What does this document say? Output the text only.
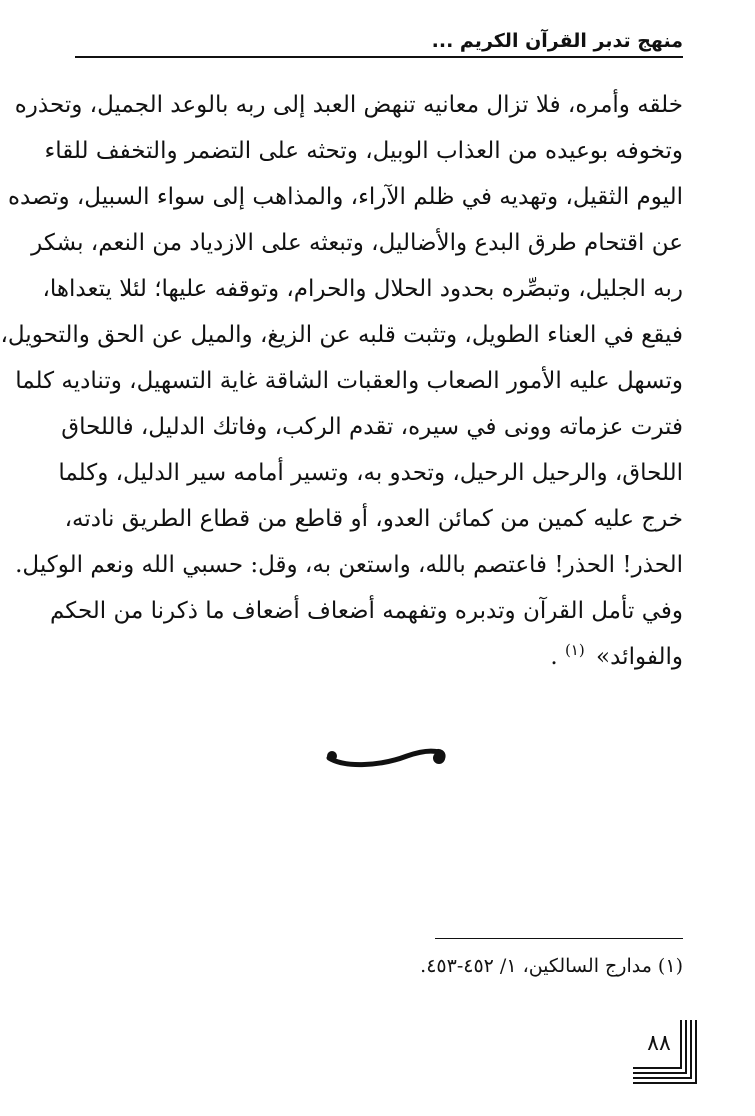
منهج تدبر القرآن الكريم ...
خلقه وأمره، فلا تزال معانيه تنهض العبد إلى ربه بالوعد الجميل، وتحذره
وتخوفه بوعيده من العذاب الوبيل، وتحثه على التضمر والتخفف للقاء
اليوم الثقيل، وتهديه في ظلم الآراء، والمذاهب إلى سواء السبيل، وتصده
عن اقتحام طرق البدع والأضاليل، وتبعثه على الازدياد من النعم، بشكر
ربه الجليل، وتبصِّره بحدود الحلال والحرام، وتوقفه عليها؛ لئلا يتعداها،
فيقع في العناء الطويل، وتثبت قلبه عن الزيغ، والميل عن الحق والتحويل،
وتسهل عليه الأمور الصعاب والعقبات الشاقة غاية التسهيل، وتناديه كلما
فترت عزماته وونى في سيره، تقدم الركب، وفاتك الدليل، فاللحاق
اللحاق، والرحيل الرحيل، وتحدو به، وتسير أمامه سير الدليل، وكلما
خرج عليه كمين من كمائن العدو، أو قاطع من قطاع الطريق نادته،
الحذر! الحذر! فاعتصم بالله، واستعن به، وقل: حسبي الله ونعم الوكيل.
وفي تأمل القرآن وتدبره وتفهمه أضعاف أضعاف ما ذكرنا من الحكم
والفوائد» $^{(١)}$ .
(١) مدارج السالكين، ١/ ٤٥٢-٤٥٣.
٨٨
